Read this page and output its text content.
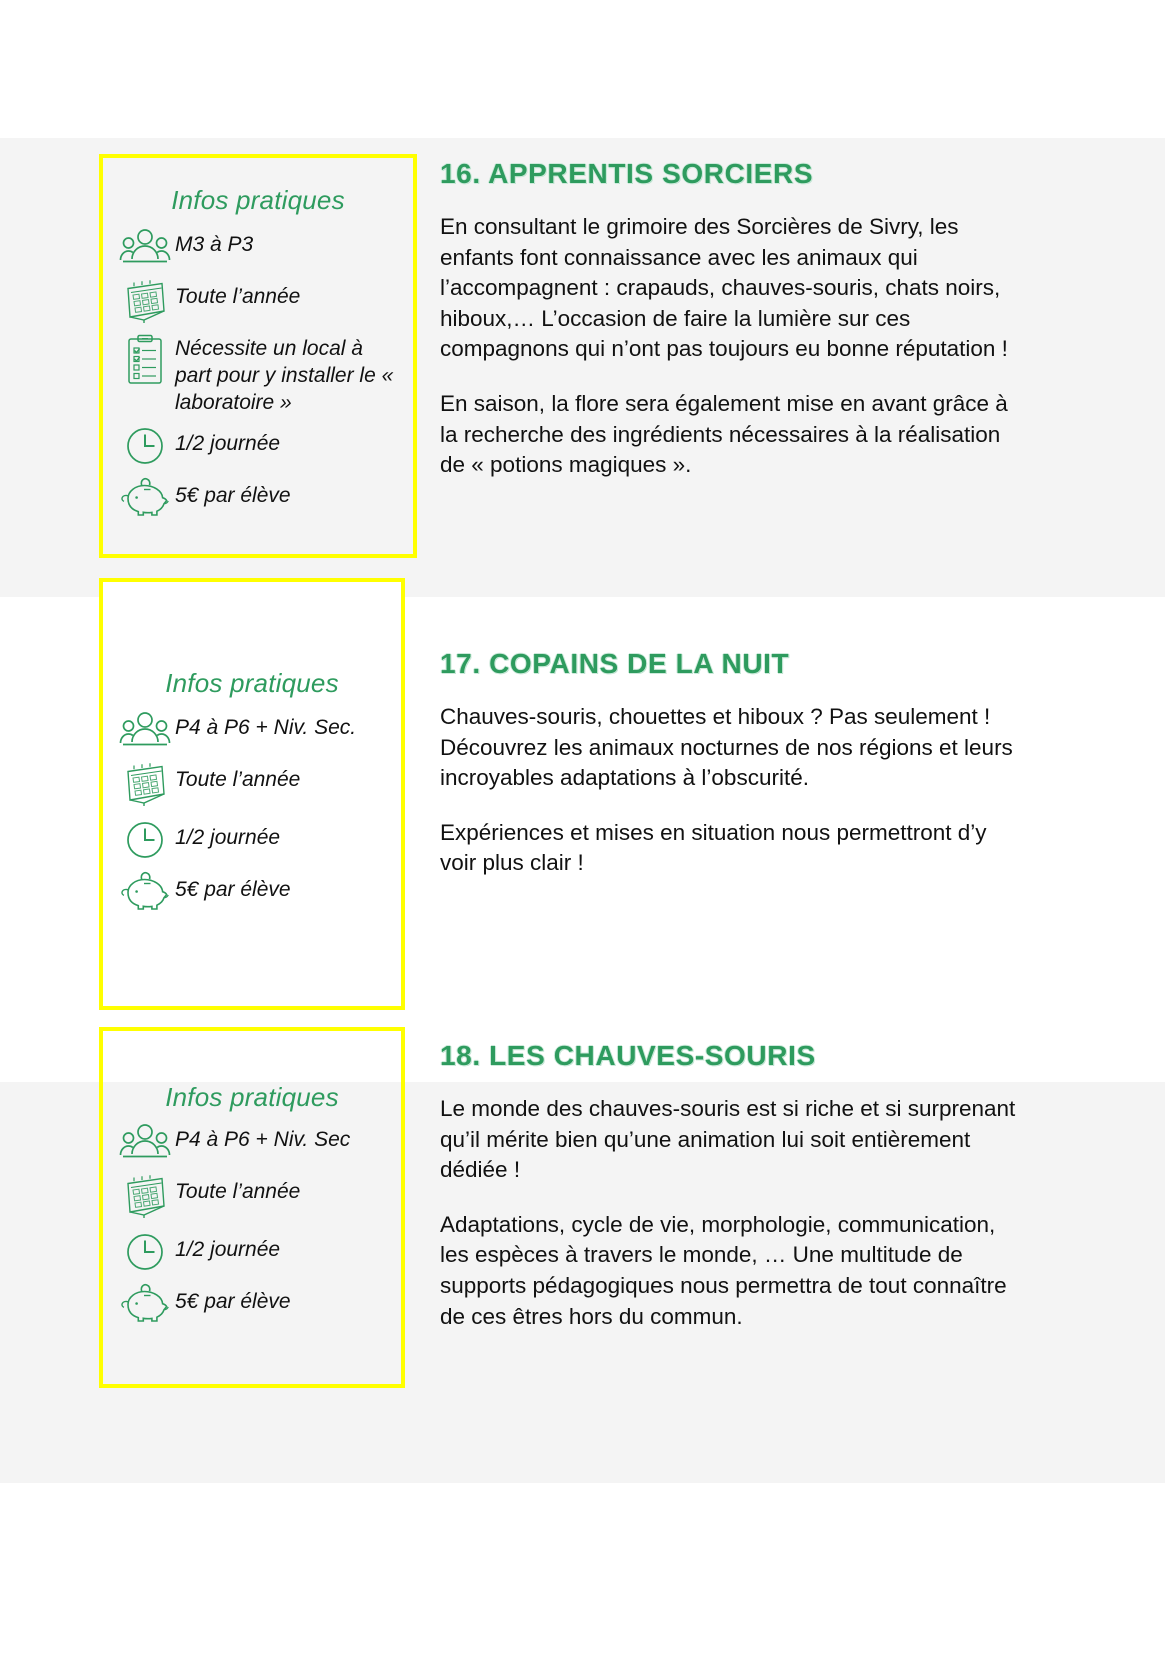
Infos pratiques
M3 à P3
Toute l’année
Nécessite un local à part pour y installer le « laboratoire »
1/2 journée
5€ par élève
16. APPRENTIS SORCIERS

En consultant le grimoire des Sorcières de Sivry, les enfants font connaissance avec les animaux qui l’accompagnent : crapauds, chauves-souris, chats noirs, hiboux,… L’occasion de faire la lumière sur ces compagnons qui n’ont pas toujours eu bonne réputation !

En saison, la flore sera également mise en avant grâce à la recherche des ingrédients nécessaires à la réalisation de « potions magiques ».

Infos pratiques
P4 à P6 + Niv. Sec.
Toute l’année
1/2 journée
5€ par élève
17. COPAINS DE LA NUIT

Chauves-souris, chouettes et hiboux ? Pas seulement ! Découvrez les animaux nocturnes de nos régions et leurs incroyables adaptations à l’obscurité.

Expériences et mises en situation nous permettront d’y voir plus clair !

Infos pratiques
P4 à P6 + Niv. Sec
Toute l’année
1/2 journée
5€ par élève
18. LES CHAUVES-SOURIS

Le monde des chauves-souris est si riche et si surprenant qu’il mérite bien qu’une animation lui soit entièrement dédiée !

Adaptations, cycle de vie, morphologie, communication, les espèces à travers le monde, … Une multitude de supports pédagogiques nous permettra de tout connaître de ces êtres hors du commun.
